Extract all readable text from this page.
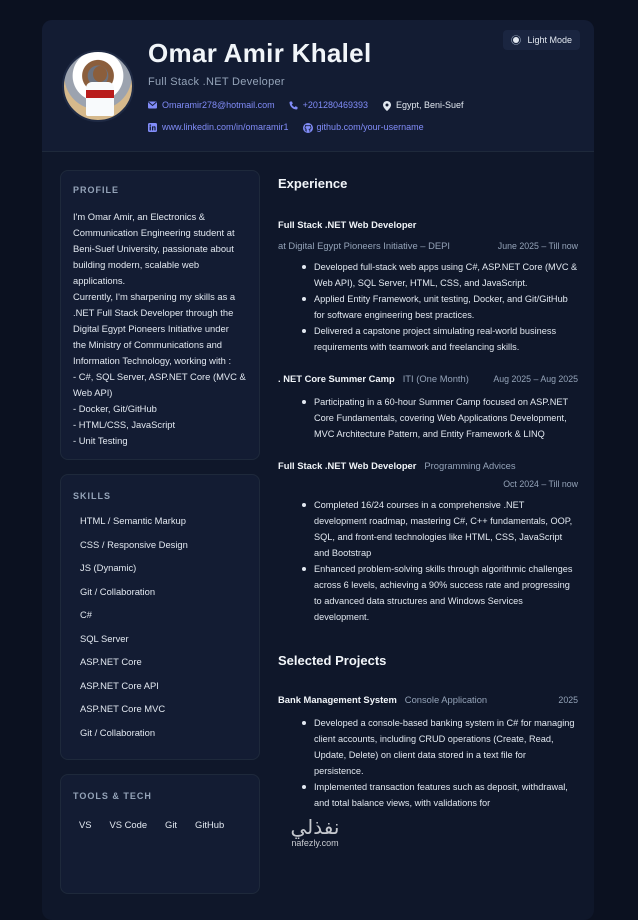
Omar Amir Khalel
Full Stack .NET Developer
Light Mode
Omaramir278@hotmail.com	+201280469393	Egypt, Beni-Suef
www.linkedin.com/in/omaramir1	github.com/your-username
PROFILE

I'm Omar Amir, an Electronics &

Communication Engineering student at

Beni-Suef University, passionate about

building modern, scalable web

applications.

Currently, I'm sharpening my skills as a

.NET Full Stack Developer through the

Digital Egypt Pioneers Initiative under

the Ministry of Communications and

Information Technology, working with :

- C#, SQL Server, ASP.NET Core (MVC &

Web API)

- Docker, Git/GitHub

- HTML/CSS, JavaScript

- Unit Testing

SKILLS
HTML / Semantic Markup
CSS / Responsive Design
JS (Dynamic)
Git / Collaboration
C#
SQL Server
ASP.NET Core
ASP.NET Core API
ASP.NET Core MVC
Git / Collaboration
TOOLS & TECH
VS	VS Code	Git	GitHub
Experience
Full Stack .NET Web Developer
at Digital Egypt Pioneers Initiative – DEPI	June 2025 – Till now
Developed full-stack web apps using C#, ASP.NET Core (MVC & Web API), SQL Server, HTML, CSS, and JavaScript.
Applied Entity Framework, unit testing, Docker, and Git/GitHub for software engineering best practices.
Delivered a capstone project simulating real-world business requirements with teamwork and freelancing skills.
. NET Core Summer Camp ITI (One Month)	Aug 2025 – Aug 2025
Participating in a 60-hour Summer Camp focused on ASP.NET Core Fundamentals, covering Web Applications Development, MVC Architecture Pattern, and Entity Framework & LINQ
Full Stack .NET Web Developer Programming Advices
Oct 2024 – Till now
Completed 16/24 courses in a comprehensive .NET development roadmap, mastering C#, C++ fundamentals, OOP, SQL, and front-end technologies like HTML, CSS, JavaScript and Bootstrap
Enhanced problem-solving skills through algorithmic challenges across 6 levels, achieving a 90% success rate and progressing to advanced data structures and Windows Services development.
Selected Projects
Bank Management System Console Application	2025
Developed a console-based banking system in C# for managing client accounts, including CRUD operations (Create, Read, Update, Delete) on client data stored in a text file for persistence.
Implemented transaction features such as deposit, withdrawal, and total balance views, with validations for
نفذلي
nafezly.com
